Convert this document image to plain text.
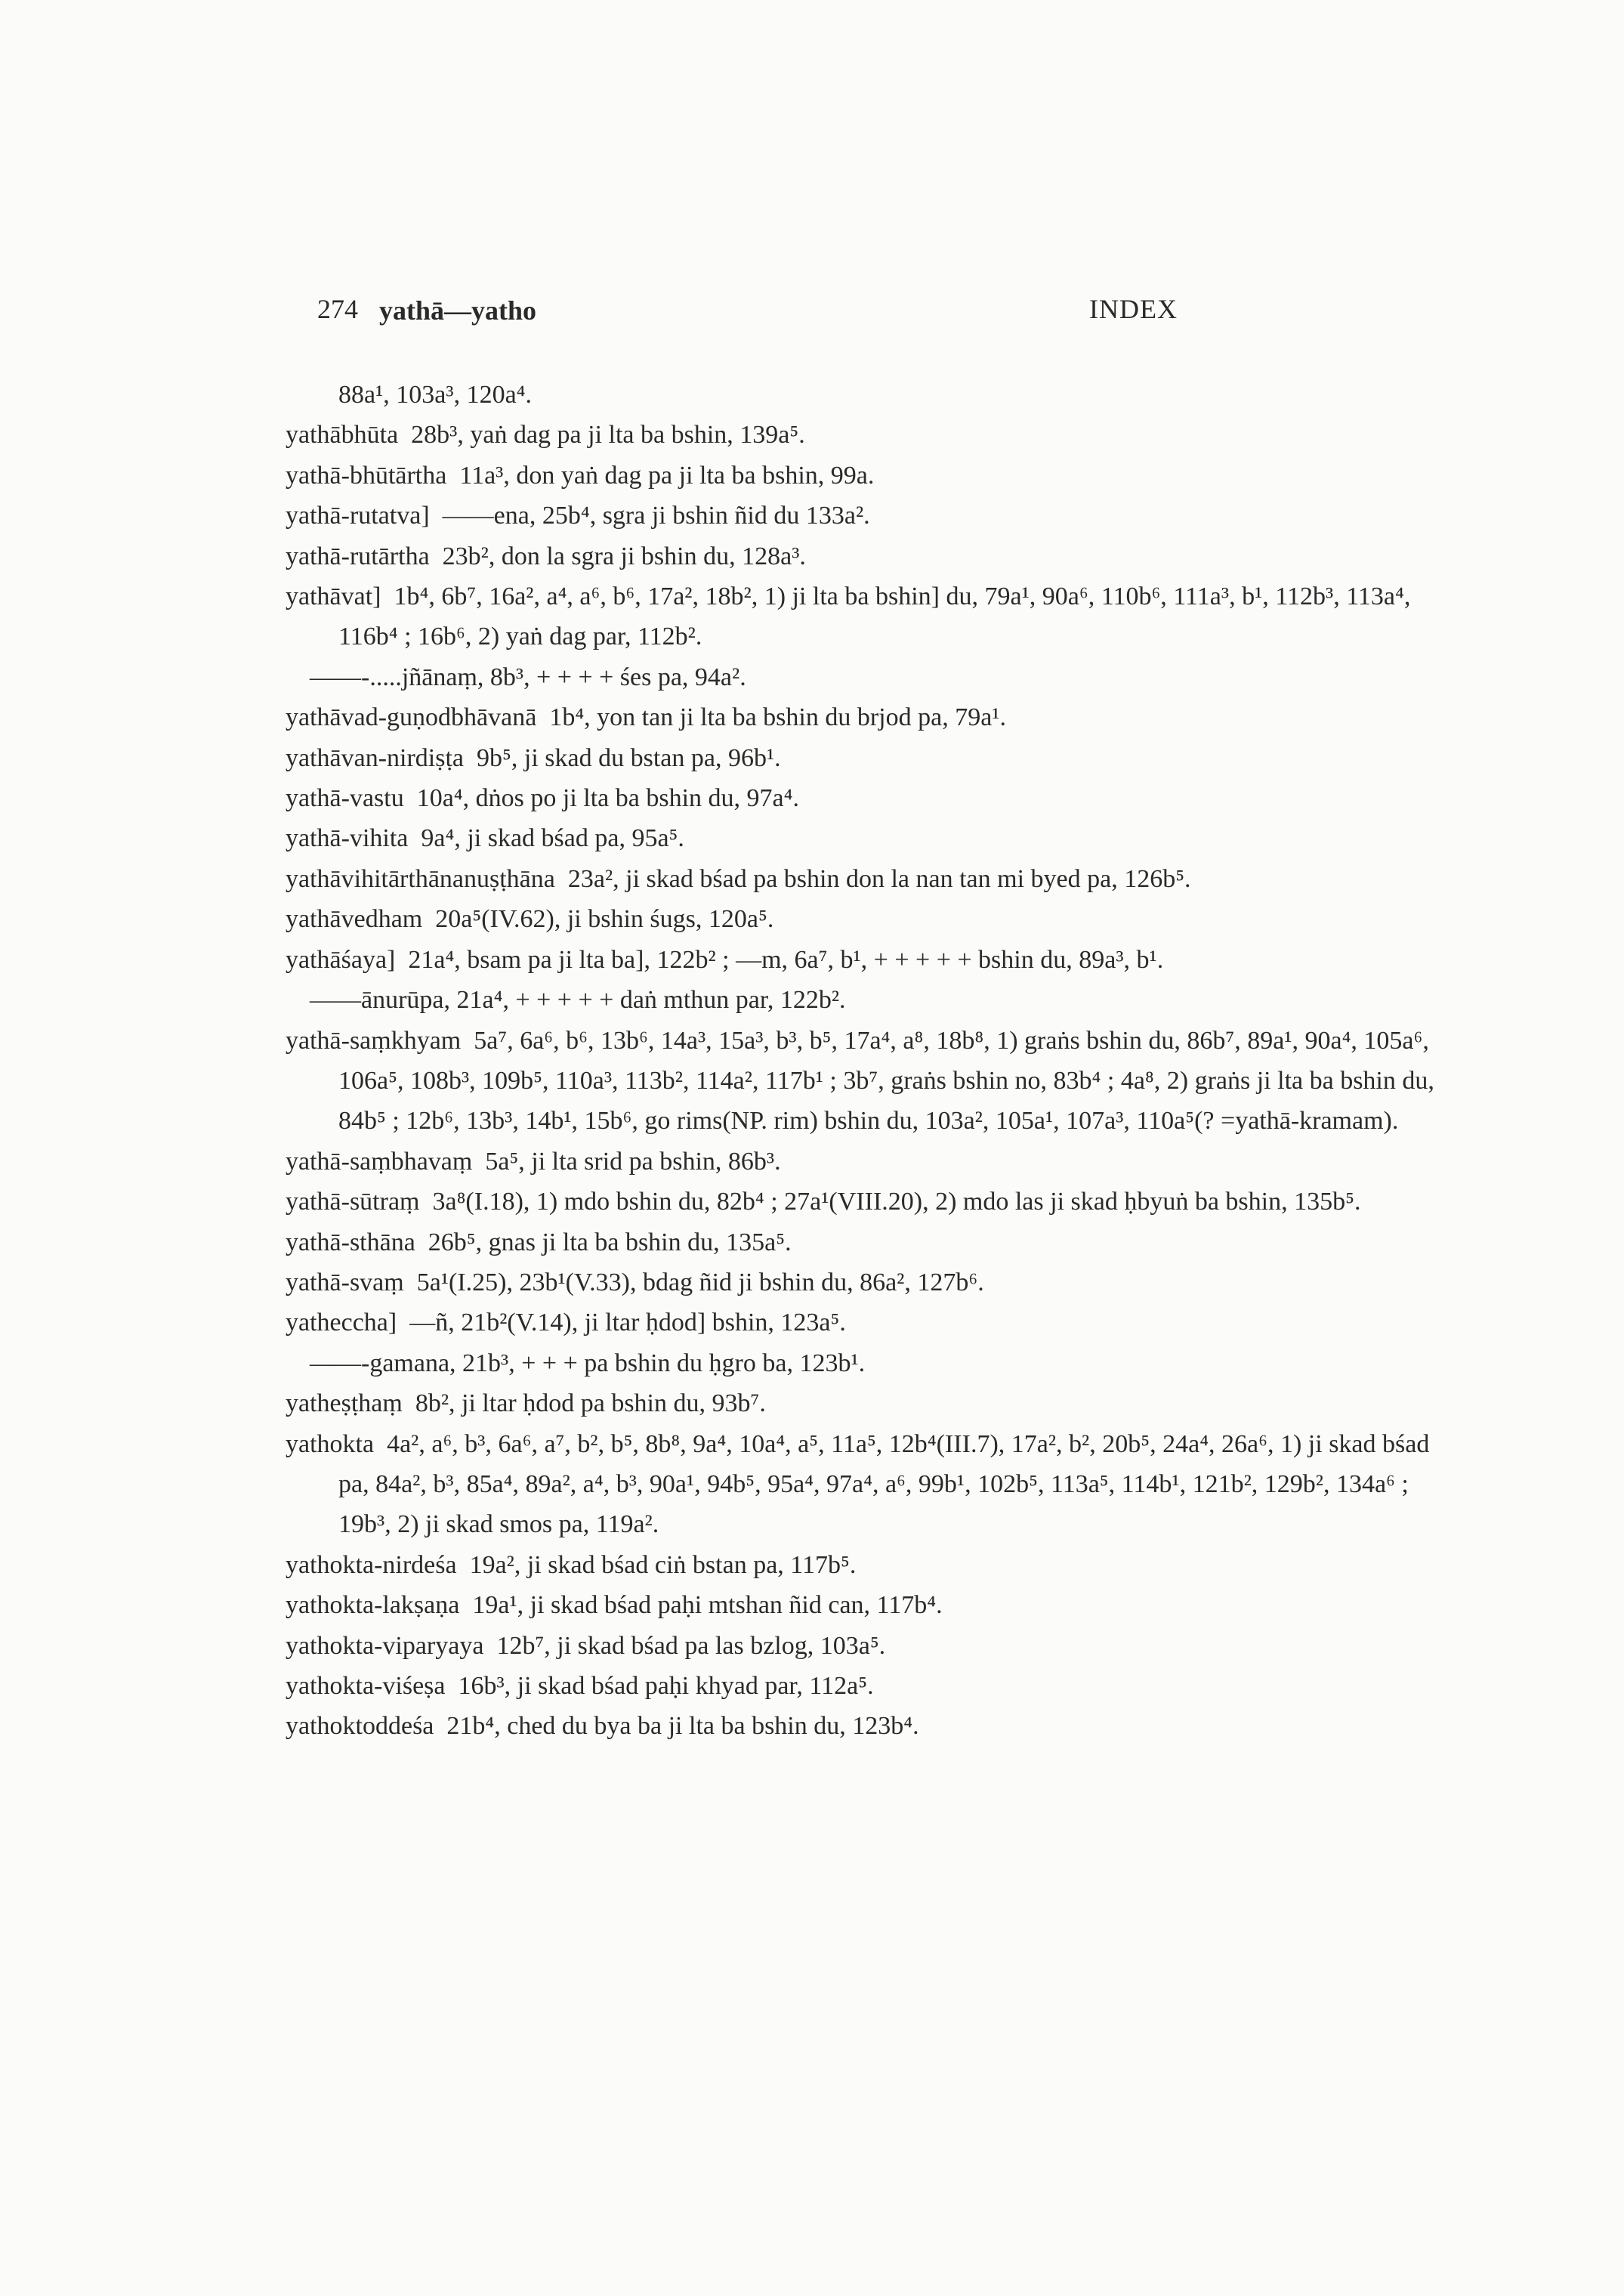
274 yathā—yatho	INDEX

88a¹, 103a³, 120a⁴.

yathābhūta  28b³, yaṅ dag pa ji lta ba bshin, 139a⁵.

yathā-bhūtārtha  11a³, don yaṅ dag pa ji lta ba bshin, 99a.

yathā-rutatva]  ——ena, 25b⁴, sgra ji bshin ñid du 133a².

yathā-rutārtha  23b², don la sgra ji bshin du, 128a³.

yathāvat]  1b⁴, 6b⁷, 16a², a⁴, a⁶, b⁶, 17a², 18b², 1) ji lta ba bshin] du, 79a¹, 90a⁶, 110b⁶, 111a³, b¹, 112b³, 113a⁴, 116b⁴ ; 16b⁶, 2) yaṅ dag par, 112b².

——-.....jñānaṃ, 8b³, + + + + śes pa, 94a².

yathāvad-guṇodbhāvanā  1b⁴, yon tan ji lta ba bshin du brjod pa, 79a¹.

yathāvan-nirdiṣṭa  9b⁵, ji skad du bstan pa, 96b¹.

yathā-vastu  10a⁴, dṅos po ji lta ba bshin du, 97a⁴.

yathā-vihita  9a⁴, ji skad bśad pa, 95a⁵.

yathāvihitārthānanuṣṭhāna  23a², ji skad bśad pa bshin don la nan tan mi byed pa, 126b⁵.

yathāvedham  20a⁵(IV.62), ji bshin śugs, 120a⁵.

yathāśaya]  21a⁴, bsam pa ji lta ba], 122b² ; —m, 6a⁷, b¹, + + + + + bshin du, 89a³, b¹.

——ānurūpa, 21a⁴, + + + + + daṅ mthun par, 122b².

yathā-saṃkhyam  5a⁷, 6a⁶, b⁶, 13b⁶, 14a³, 15a³, b³, b⁵, 17a⁴, a⁸, 18b⁸, 1) graṅs bshin du, 86b⁷, 89a¹, 90a⁴, 105a⁶, 106a⁵, 108b³, 109b⁵, 110a³, 113b², 114a², 117b¹ ; 3b⁷, graṅs bshin no, 83b⁴ ; 4a⁸, 2) graṅs ji lta ba bshin du, 84b⁵ ; 12b⁶, 13b³, 14b¹, 15b⁶, go rims(NP. rim) bshin du, 103a², 105a¹, 107a³, 110a⁵(? =yathā-kramam).

yathā-saṃbhavaṃ  5a⁵, ji lta srid pa bshin, 86b³.

yathā-sūtraṃ  3a⁸(I.18), 1) mdo bshin du, 82b⁴ ; 27a¹(VIII.20), 2) mdo las ji skad ḥbyuṅ ba bshin, 135b⁵.

yathā-sthāna  26b⁵, gnas ji lta ba bshin du, 135a⁵.

yathā-svaṃ  5a¹(I.25), 23b¹(V.33), bdag ñid ji bshin du, 86a², 127b⁶.

yatheccha]  —ñ, 21b²(V.14), ji ltar ḥdod] bshin, 123a⁵.

——-gamana, 21b³, + + + pa bshin du ḥgro ba, 123b¹.

yatheṣṭhaṃ  8b², ji ltar ḥdod pa bshin du, 93b⁷.

yathokta  4a², a⁶, b³, 6a⁶, a⁷, b², b⁵, 8b⁸, 9a⁴, 10a⁴, a⁵, 11a⁵, 12b⁴(III.7), 17a², b², 20b⁵, 24a⁴, 26a⁶, 1) ji skad bśad pa, 84a², b³, 85a⁴, 89a², a⁴, b³, 90a¹, 94b⁵, 95a⁴, 97a⁴, a⁶, 99b¹, 102b⁵, 113a⁵, 114b¹, 121b², 129b², 134a⁶ ; 19b³, 2) ji skad smos pa, 119a².

yathokta-nirdeśa  19a², ji skad bśad ciṅ bstan pa, 117b⁵.

yathokta-lakṣaṇa  19a¹, ji skad bśad paḥi mtshan ñid can, 117b⁴.

yathokta-viparyaya  12b⁷, ji skad bśad pa las bzlog, 103a⁵.

yathokta-viśeṣa  16b³, ji skad bśad paḥi khyad par, 112a⁵.

yathoktoddeśa  21b⁴, ched du bya ba ji lta ba bshin du, 123b⁴.
